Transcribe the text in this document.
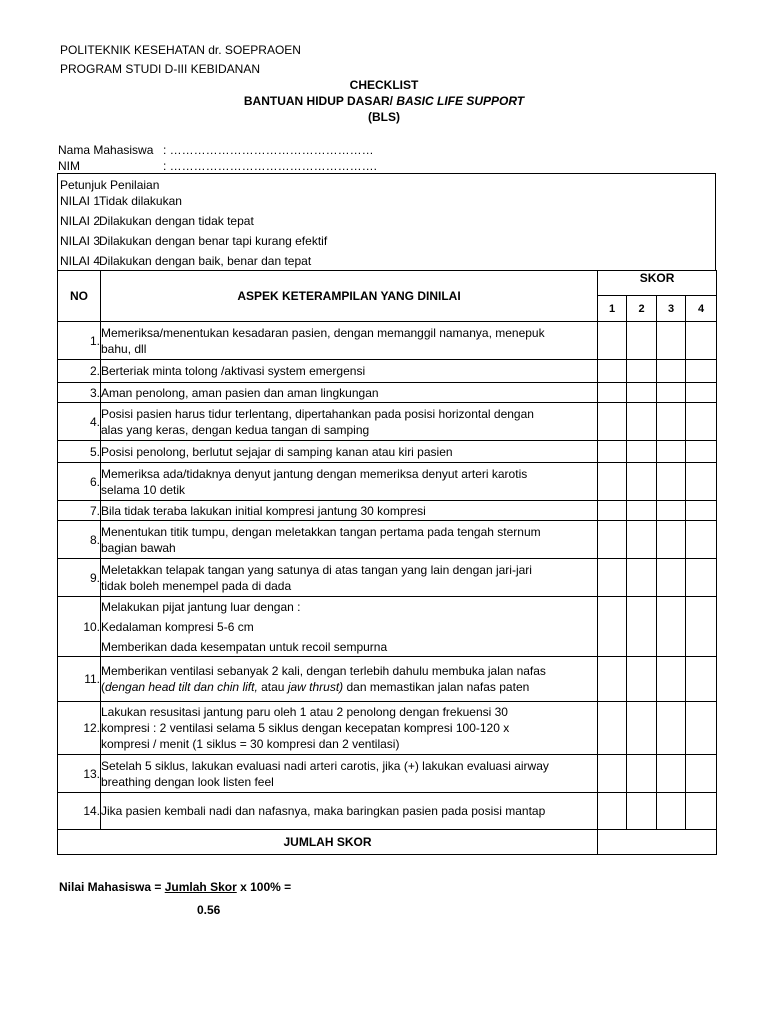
POLITEKNIK KESEHATAN dr. SOEPRAOEN
PROGRAM STUDI D-III KEBIDANAN
CHECKLIST
BANTUAN HIDUP DASAR/ BASIC LIFE SUPPORT
(BLS)
Nama Mahasiswa : ……………………………………………
NIM	: …………………………………………….
Petunjuk Penilaian
NILAI 1Tidak dilakukan
NILAI 2Dilakukan dengan tidak tepat
NILAI 3Dilakukan dengan benar tapi kurang efektif
NILAI 4Dilakukan dengan baik, benar dan tepat
NO	ASPEK KETERAMPILAN YANG DINILAI	SKOR			
		1	2	3	4
1.	Memeriksa/menentukan kesadaran pasien, dengan memanggil namanya, menepuk
bahu, dll				

2.	Berteriak minta tolong /aktivasi system emergensi				

3.	Aman penolong, aman pasien dan aman lingkungan				

4.	Posisi pasien harus tidur terlentang, dipertahankan pada posisi horizontal dengan
alas yang keras, dengan kedua tangan di samping				

5.	Posisi penolong, berlutut sejajar di samping kanan atau kiri pasien				

6.	Memeriksa ada/tidaknya denyut jantung dengan memeriksa denyut arteri karotis
selama 10 detik				

7.	Bila tidak teraba lakukan initial kompresi jantung 30 kompresi				

8.	Menentukan titik tumpu, dengan meletakkan tangan pertama pada tengah sternum
bagian bawah				

9.	Meletakkan telapak tangan yang satunya di atas tangan yang lain dengan jari-jari
tidak boleh menempel pada di dada				

10.	Melakukan pijat jantung luar dengan :
Kedalaman kompresi 5-6 cm
Memberikan dada kesempatan untuk recoil sempurna				

11.	Memberikan ventilasi sebanyak 2 kali, dengan terlebih dahulu membuka jalan nafas
(dengan head tilt dan chin lift, atau jaw thrust) dan memastikan jalan nafas paten				

12.	Lakukan resusitasi jantung paru oleh 1 atau 2 penolong dengan frekuensi 30
kompresi : 2 ventilasi selama 5 siklus dengan kecepatan kompresi 100-120 x
kompresi / menit (1 siklus = 30 kompresi dan 2 ventilasi)				

13.	Setelah 5 siklus, lakukan evaluasi nadi arteri carotis, jika (+) lakukan evaluasi airway
breathing dengan look listen feel				

14.	Jika pasien kembali nadi dan nafasnya, maka baringkan pasien pada posisi mantap				

JUMLAH SKOR					
Nilai Mahasiswa = Jumlah Skor x 100% =
0.56
